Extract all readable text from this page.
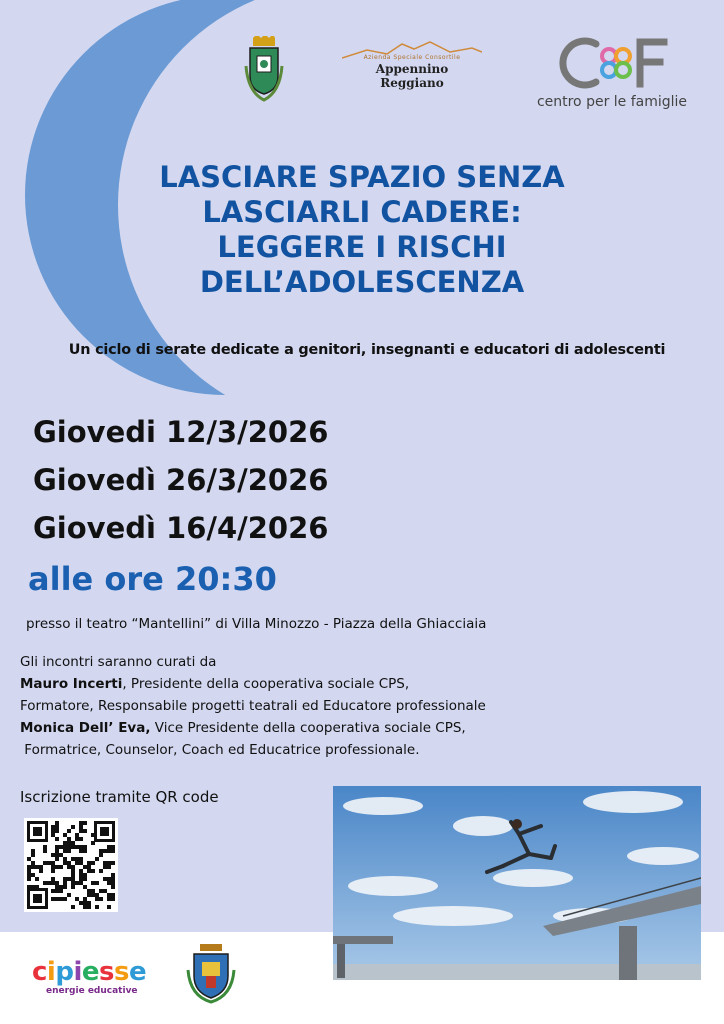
Azienda Speciale Consortile
Appennino Reggiano
centro per le famiglie
LASCIARE SPAZIO SENZA
LASCIARLI CADERE:
LEGGERE I RISCHI
DELL’ADOLESCENZA
Un ciclo di serate dedicate a genitori, insegnanti e educatori di adolescenti
Giovedi 12/3/2026
Giovedì 26/3/2026
Giovedì 16/4/2026
alle ore 20:30
presso il teatro “Mantellini” di Villa Minozzo - Piazza della Ghiacciaia
Gli incontri saranno curati da
Mauro Incerti, Presidente della cooperativa sociale CPS,
Formatore, Responsabile progetti teatrali ed Educatore professionale
Monica Dell’ Eva, Vice Presidente della cooperativa sociale CPS,
Formatrice, Counselor, Coach ed Educatrice professionale.
Iscrizione tramite QR code
cipiesse
energie educative
